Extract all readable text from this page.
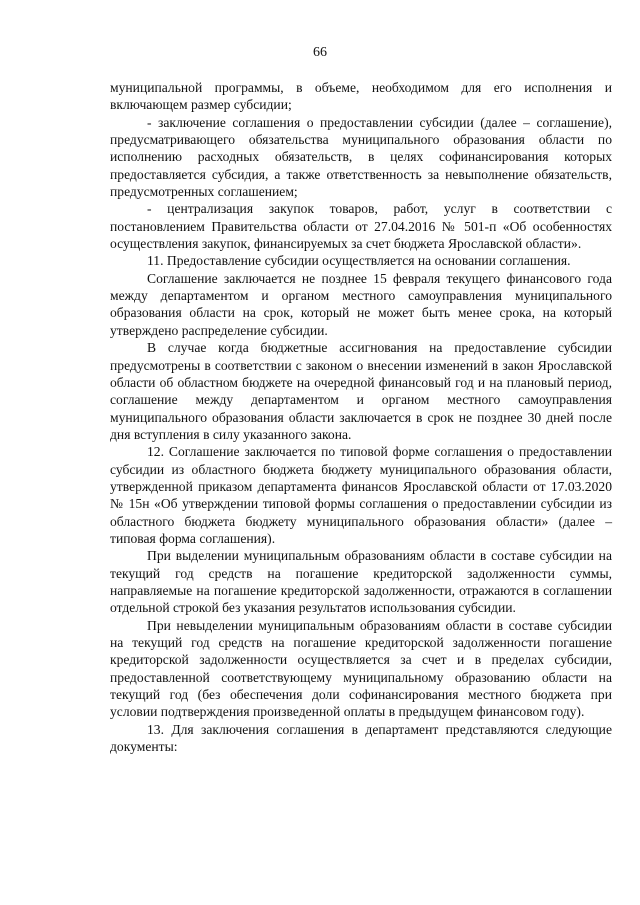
66

муниципальной программы, в объеме, необходимом для его исполнения и включающем размер субсидии;

- заключение соглашения о предоставлении субсидии (далее – соглашение), предусматривающего обязательства муниципального образования области по исполнению расходных обязательств, в целях софинансирования которых предоставляется субсидия, а также ответственность за невыполнение обязательств, предусмотренных соглашением;

- централизация закупок товаров, работ, услуг в соответствии с постановлением Правительства области от 27.04.2016 № 501-п «Об особенностях осуществления закупок, финансируемых за счет бюджета Ярославской области».

11. Предоставление субсидии осуществляется на основании соглашения.

Соглашение заключается не позднее 15 февраля текущего финансового года между департаментом и органом местного самоуправления муниципального образования области на срок, который не может быть менее срока, на который утверждено распределение субсидии.

В случае когда бюджетные ассигнования на предоставление субсидии предусмотрены в соответствии с законом о внесении изменений в закон Ярославской области об областном бюджете на очередной финансовый год и на плановый период, соглашение между департаментом и органом местного самоуправления муниципального образования области заключается в срок не позднее 30 дней после дня вступления в силу указанного закона.

12. Соглашение заключается по типовой форме соглашения о предоставлении субсидии из областного бюджета бюджету муниципального образования области, утвержденной приказом департамента финансов Ярославской области от 17.03.2020 № 15н «Об утверждении типовой формы соглашения о предоставлении субсидии из областного бюджета бюджету муниципального образования области» (далее – типовая форма соглашения).

При выделении муниципальным образованиям области в составе субсидии на текущий год средств на погашение кредиторской задолженности суммы, направляемые на погашение кредиторской задолженности, отражаются в соглашении отдельной строкой без указания результатов использования субсидии.

При невыделении муниципальным образованиям области в составе субсидии на текущий год средств на погашение кредиторской задолженности погашение кредиторской задолженности осуществляется за счет и в пределах субсидии, предоставленной соответствующему муниципальному образованию области на текущий год (без обеспечения доли софинансирования местного бюджета при условии подтверждения произведенной оплаты в предыдущем финансовом году).

13. Для заключения соглашения в департамент представляются следующие документы:
